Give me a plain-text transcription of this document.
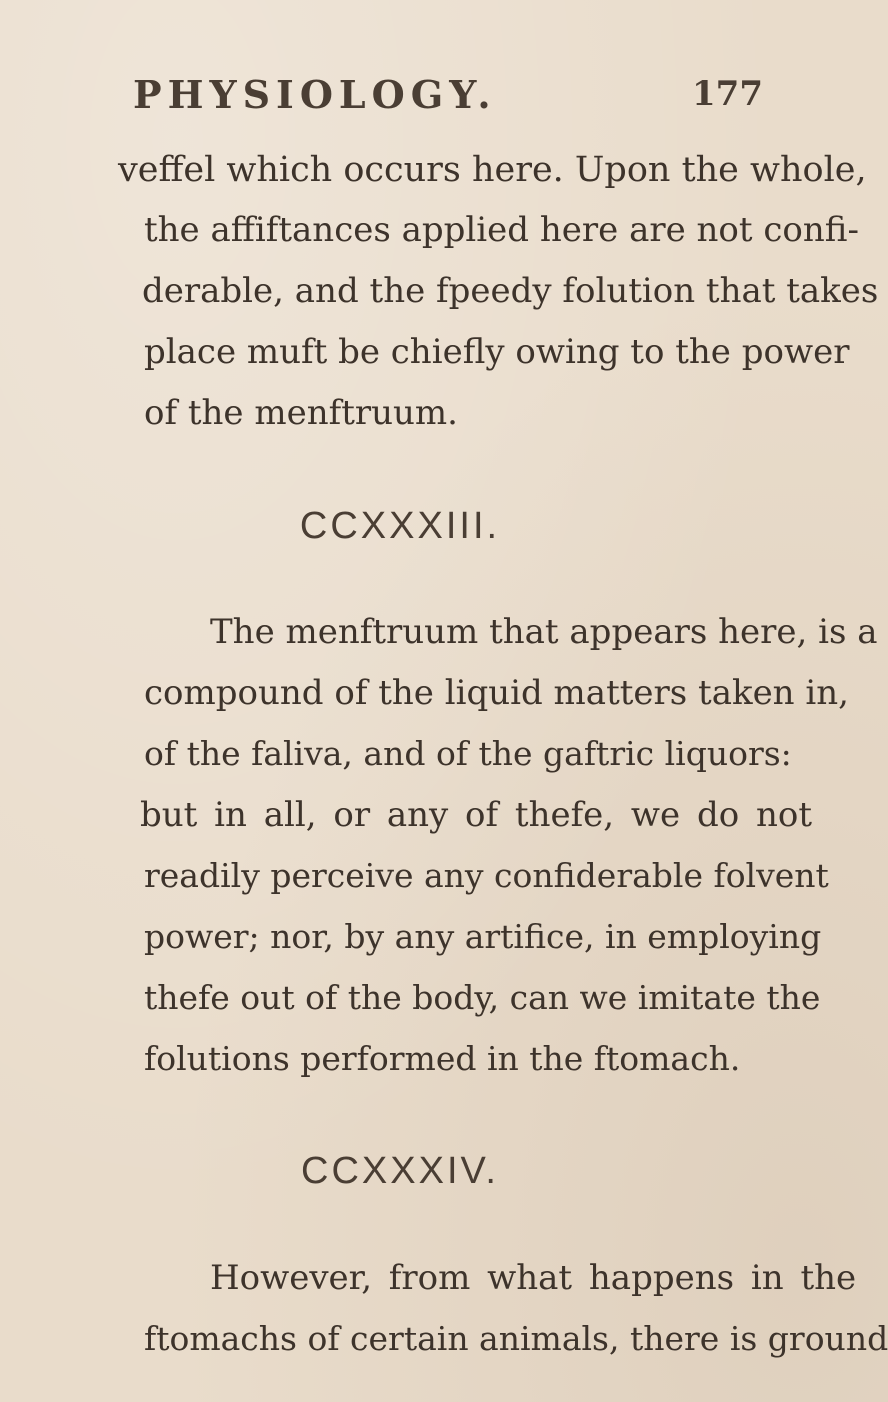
PHYSIOLOGY.	177
veffel which occurs here. Upon the whole,
the affiftances applied here are not confi-
derable, and the fpeedy folution that takes
place muft be chiefly owing to the power
of the menftruum.
CCXXXIII.
The menftruum that appears here, is a
compound of the liquid matters taken in,
of the faliva, and of the gaftric liquors:
but in all, or any of thefe, we do not
readily perceive any confiderable folvent
power; nor, by any artifice, in employing
thefe out of the body, can we imitate the
folutions performed in the ftomach.
CCXXXIV.
However, from what happens in the
ftomachs of certain animals, there is ground
